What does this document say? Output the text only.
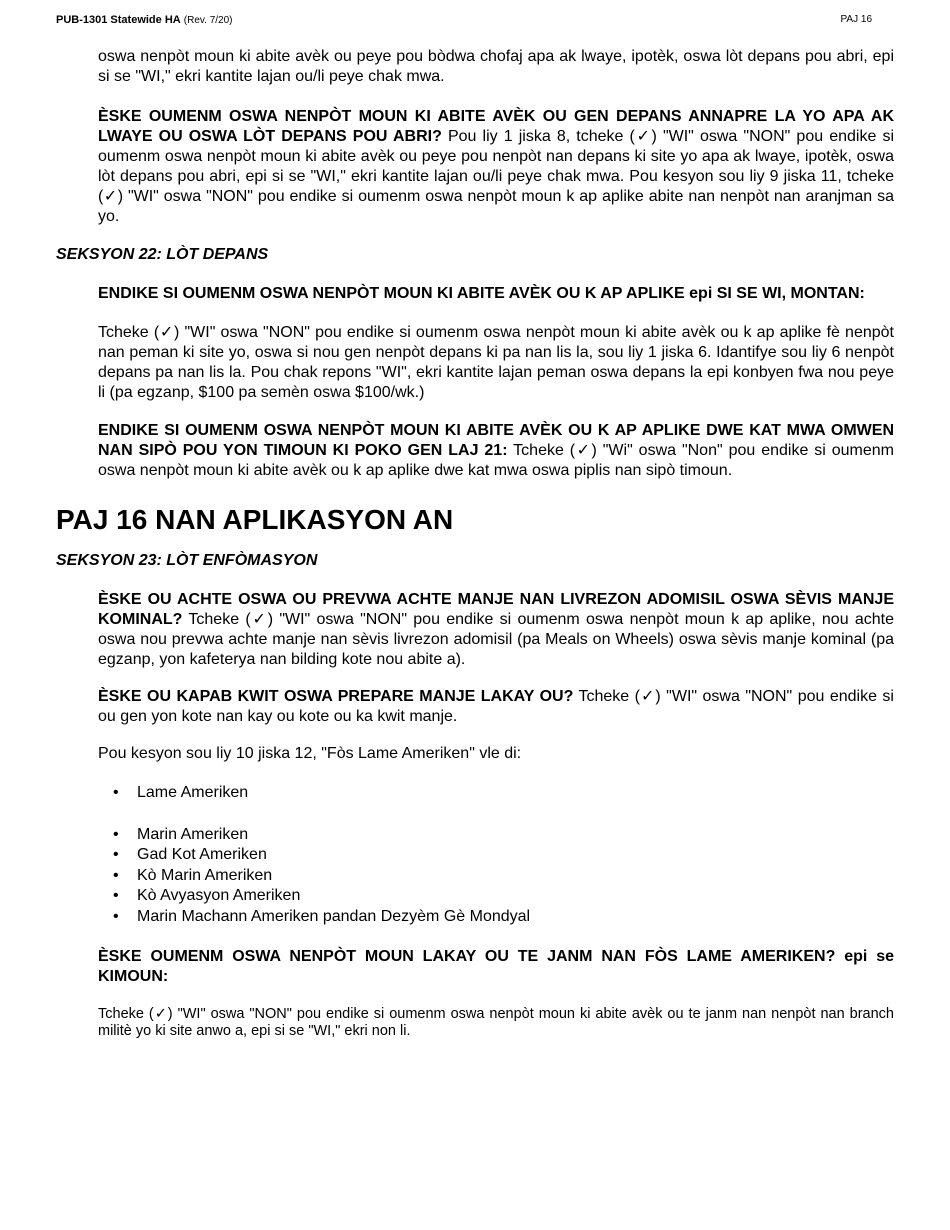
PUB-1301 Statewide HA (Rev. 7/20)	PAJ 16

oswa nenpòt moun ki abite avèk ou peye pou bòdwa chofaj apa ak lwaye, ipotèk, oswa lòt depans pou abri, epi si se "WI," ekri kantite lajan ou/li peye chak mwa.

ÈSKE OUMENM OSWA NENPÒT MOUN KI ABITE AVÈK OU GEN DEPANS ANNAPRE LA YO APA AK LWAYE OU OSWA LÒT DEPANS POU ABRI? Pou liy 1 jiska 8, tcheke (✓) "WI" oswa "NON" pou endike si oumenm oswa nenpòt moun ki abite avèk ou peye pou nenpòt nan depans ki site yo apa ak lwaye, ipotèk, oswa lòt depans pou abri, epi si se "WI," ekri kantite lajan ou/li peye chak mwa. Pou kesyon sou liy 9 jiska 11, tcheke (✓) "WI" oswa "NON" pou endike si oumenm oswa nenpòt moun k ap aplike abite nan nenpòt nan aranjman sa yo.

SEKSYON 22: LÒT DEPANS

ENDIKE SI OUMENM OSWA NENPÒT MOUN KI ABITE AVÈK OU K AP APLIKE epi SI SE WI, MONTAN:

Tcheke (✓) "WI" oswa "NON" pou endike si oumenm oswa nenpòt moun ki abite avèk ou k ap aplike fè nenpòt nan peman ki site yo, oswa si nou gen nenpòt depans ki pa nan lis la, sou liy 1 jiska 6. Idantifye sou liy 6 nenpòt depans pa nan lis la. Pou chak repons "WI", ekri kantite lajan peman oswa depans la epi konbyen fwa nou peye li (pa egzanp, $100 pa semèn oswa $100/wk.)

ENDIKE SI OUMENM OSWA NENPÒT MOUN KI ABITE AVÈK OU K AP APLIKE DWE KAT MWA OMWEN NAN SIPÒ POU YON TIMOUN KI POKO GEN LAJ 21: Tcheke (✓) "Wi" oswa "Non" pou endike si oumenm oswa nenpòt moun ki abite avèk ou k ap aplike dwe kat mwa oswa piplis nan sipò timoun.

PAJ 16 NAN APLIKASYON AN

SEKSYON 23: LÒT ENFÒMASYON

ÈSKE OU ACHTE OSWA OU PREVWA ACHTE MANJE NAN LIVREZON ADOMISIL OSWA SÈVIS MANJE KOMINAL? Tcheke (✓) "WI" oswa "NON" pou endike si oumenm oswa nenpòt moun k ap aplike, nou achte oswa nou prevwa achte manje nan sèvis livrezon adomisil (pa Meals on Wheels) oswa sèvis manje kominal (pa egzanp, yon kafeterya nan bilding kote nou abite a).

ÈSKE OU KAPAB KWIT OSWA PREPARE MANJE LAKAY OU? Tcheke (✓) "WI" oswa "NON" pou endike si ou gen yon kote nan kay ou kote ou ka kwit manje.

Pou kesyon sou liy 10 jiska 12, "Fòs Lame Ameriken" vle di:

• Lame Ameriken
• Marin Ameriken
• Gad Kot Ameriken
• Kò Marin Ameriken
• Kò Avyasyon Ameriken
• Marin Machann Ameriken pandan Dezyèm Gè Mondyal

ÈSKE OUMENM OSWA NENPÒT MOUN LAKAY OU TE JANM NAN FÒS LAME AMERIKEN? epi se KIMOUN:

Tcheke (✓) "WI" oswa "NON" pou endike si oumenm oswa nenpòt moun ki abite avèk ou te janm nan nenpòt nan branch militè yo ki site anwo a, epi si se "WI," ekri non li.
